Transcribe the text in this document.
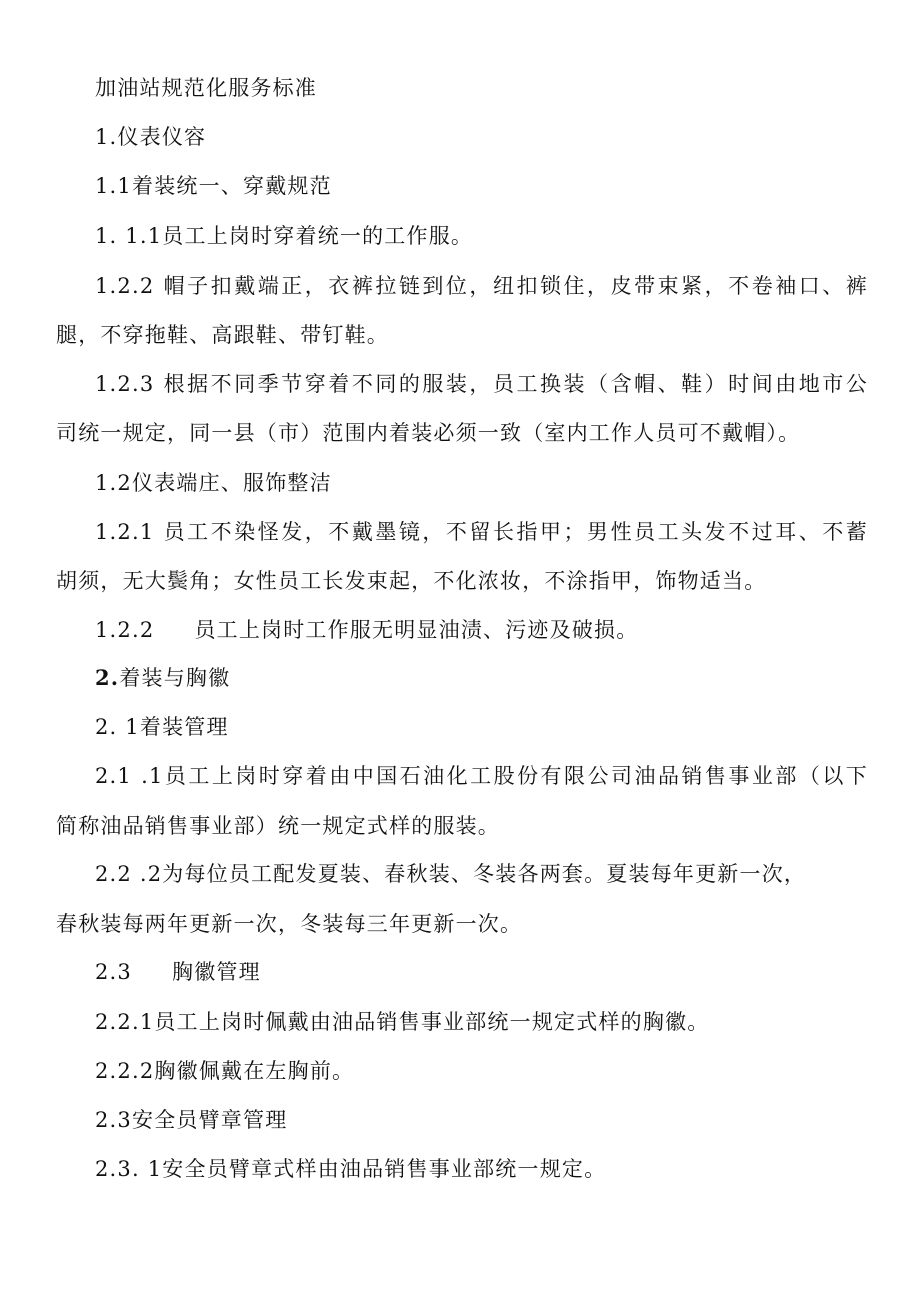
加油站规范化服务标准
1.仪表仪容
1.1着装统一、穿戴规范
1. 1.1员工上岗时穿着统一的工作服。
1.2.2 帽子扣戴端正，衣裤拉链到位，纽扣锁住，皮带束紧，不卷袖口、裤
腿，不穿拖鞋、高跟鞋、带钉鞋。
1.2.3 根据不同季节穿着不同的服装，员工换装（含帽、鞋）时间由地市公
司统一规定，同一县（市）范围内着装必须一致（室内工作人员可不戴帽）。
1.2仪表端庄、服饰整洁
1.2.1 员工不染怪发，不戴墨镜，不留长指甲；男性员工头发不过耳、不蓄
胡须，无大鬓角；女性员工长发束起，不化浓妆，不涂指甲，饰物适当。
1.2.2 员工上岗时工作服无明显油渍、污迹及破损。
2.着装与胸徽
2. 1着装管理
2.1 .1员工上岗时穿着由中国石油化工股份有限公司油品销售事业部（以下
简称油品销售事业部）统一规定式样的服装。
2.2 .2为每位员工配发夏装、春秋装、冬装各两套。夏装每年更新一次，
春秋装每两年更新一次，冬装每三年更新一次。
2.3 胸徽管理
2.2.1员工上岗时佩戴由油品销售事业部统一规定式样的胸徽。
2.2.2胸徽佩戴在左胸前。
2.3安全员臂章管理
2.3. 1安全员臂章式样由油品销售事业部统一规定。
